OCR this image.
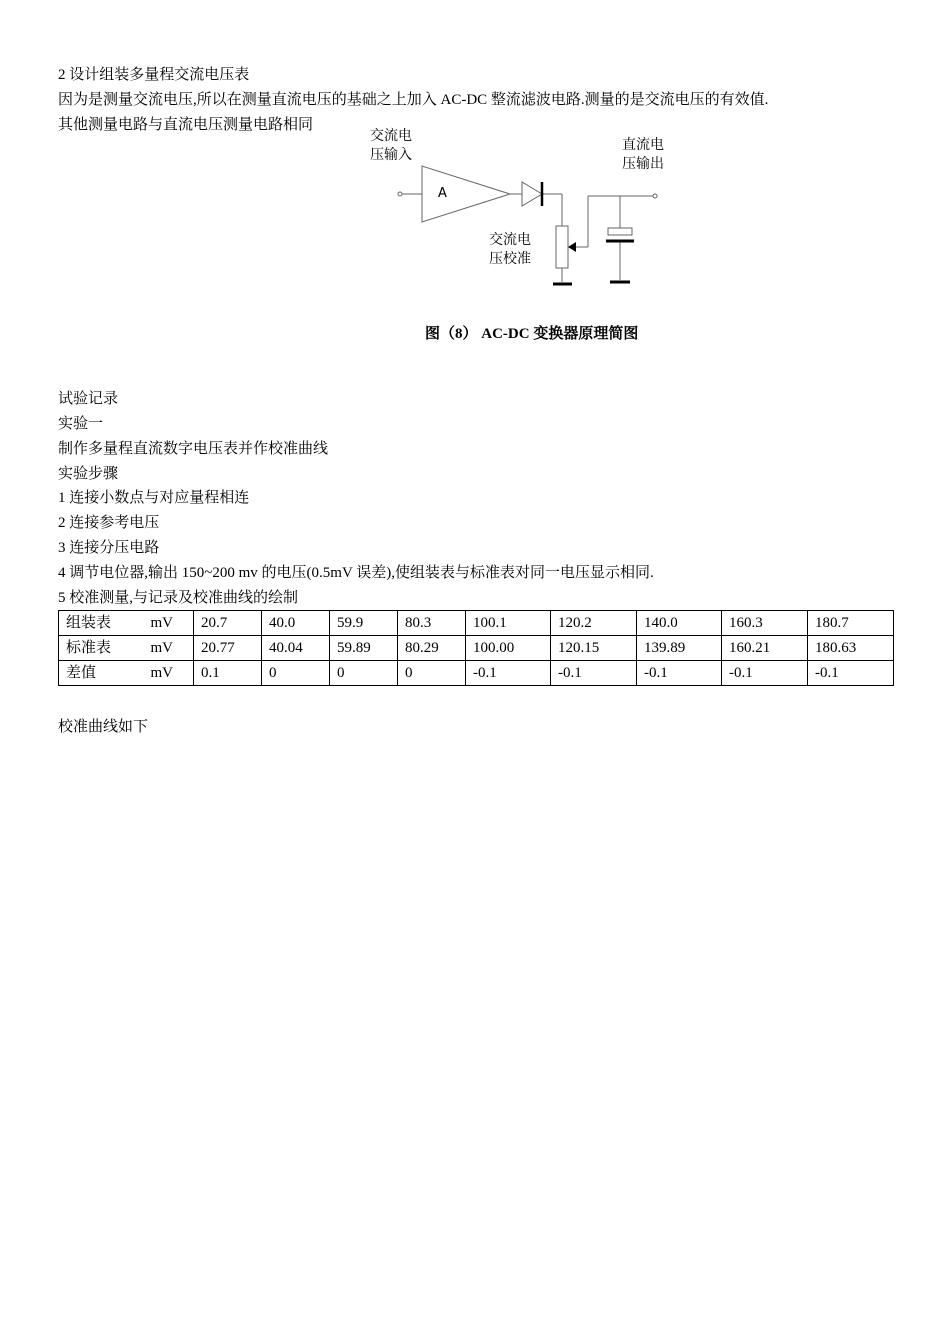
2 设计组装多量程交流电压表
因为是测量交流电压,所以在测量直流电压的基础之上加入 AC-DC 整流滤波电路.测量的是交流电压的有效值.
其他测量电路与直流电压测量电路相同
交流电
压输入
A
直流电
压输出
交流电
压校准
图（8） AC-DC 变换器原理简图
试验记录
实验一
制作多量程直流数字电压表并作校准曲线
实验步骤
1 连接小数点与对应量程相连
2 连接参考电压
3 连接分压电路
4 调节电位器,输出 150~200 mv 的电压(0.5mV 误差),使组装表与标准表对同一电压显示相同.
5 校准测量,与记录及校准曲线的绘制
组装表	mV	20.7	40.0	59.9	80.3	100.1	120.2	140.0	160.3	180.7
标准表	mV	20.77	40.04	59.89	80.29	100.00	120.15	139.89	160.21	180.63
差值	mV	0.1	0	0	0	-0.1	-0.1	-0.1	-0.1	-0.1
校准曲线如下
